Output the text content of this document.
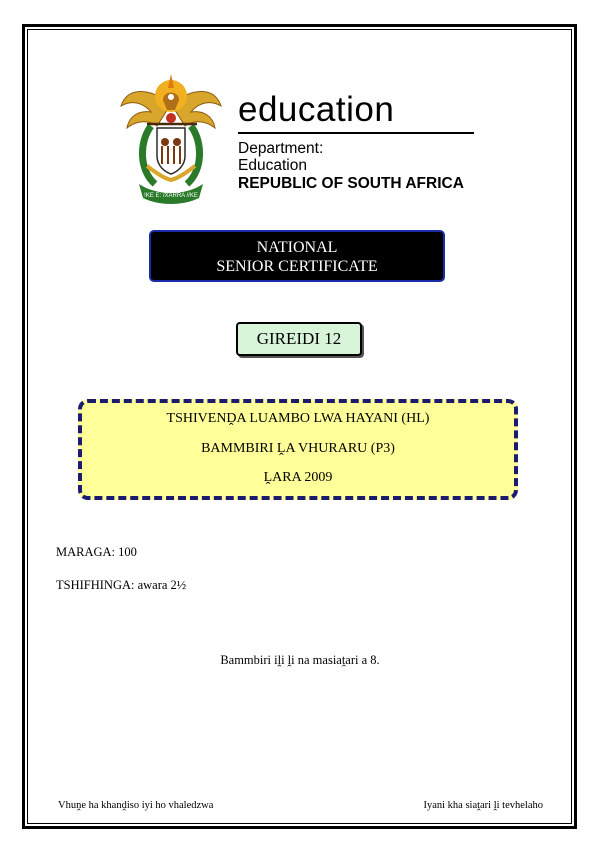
!KE E: /XARRA //KE
education
Department:
Education
REPUBLIC OF SOUTH AFRICA
NATIONAL
SENIOR CERTIFICATE
GIREIDI 12
TSHIVENḒA LUAMBO LWA HAYANI (HL)
BAMMBIRI ḼA VHURARU (P3)
ḼARA 2009
MARAGA: 100
TSHIFHINGA: awara 2½
Bammbiri iḽi ḽi na masiaṱari a 8.
Vhuṋe ha khanḓiso iyi ho vhaledzwa	Iyani kha siaṱari ḽi tevhelaho
